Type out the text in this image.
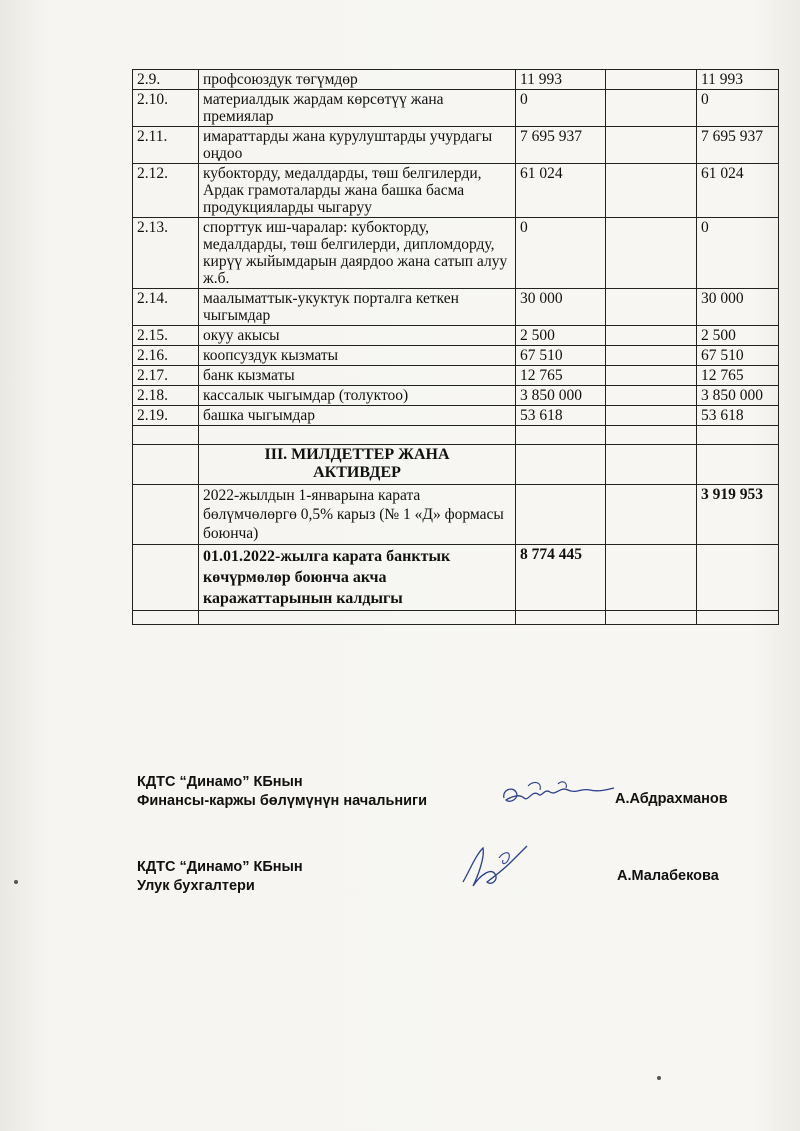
2.9.	профсоюздук төгүмдөр	11 993		11 993
2.10.	материалдык жардам көрсөтүү жана премиялар	0		0
2.11.	имараттарды жана курулуштарды учурдагы оңдоо	7 695 937		7 695 937
2.12.	кубокторду, медалдарды, төш белгилерди, Ардак грамоталарды жана башка басма продукцияларды чыгаруу	61 024		61 024
2.13.	спорттук иш-чаралар: кубокторду, медалдарды, төш белгилерди, дипломдорду, кирүү жыйымдарын даярдоо жана сатып алуу ж.б.	0		0
2.14.	маалыматтык-укуктук порталга кеткен чыгымдар	30 000		30 000
2.15.	окуу акысы	2 500		2 500
2.16.	коопсуздук кызматы	67 510		67 510
2.17.	банк кызматы	12 765		12 765
2.18.	кассалык чыгымдар (толуктоо)	3 850 000		3 850 000
2.19.	башка чыгымдар	53 618		53 618

	III. МИЛДЕТТЕР ЖАНА АКТИВДЕР			
	2022-жылдын 1-январына карата бөлүмчөлөргө 0,5% карыз (№ 1 «Д» формасы боюнча)			3 919 953
	01.01.2022-жылга карата банктык көчүрмөлөр боюнча акча каражаттарынын калдыгы	8 774 445		

КДТС “Динамо” КБнын
Финансы-каржы бөлүмүнүн начальниги	А.Абдрахманов
КДТС “Динамо” КБнын
Улук бухгалтери
А.Малабекова
